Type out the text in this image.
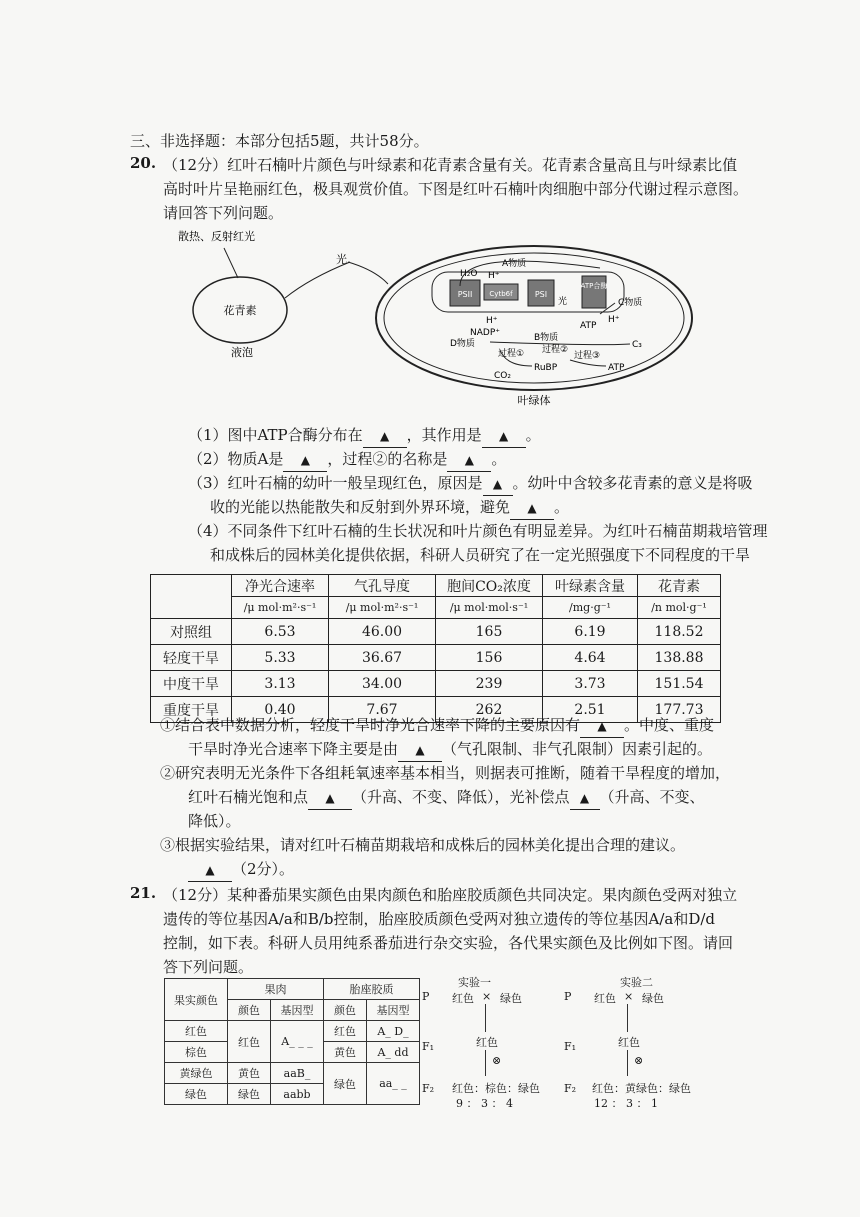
三、非选择题：本部分包括5题，共计58分。
20. （12分）红叶石楠叶片颜色与叶绿素和花青素含量有关。花青素含量高且与叶绿素比值
高时叶片呈艳丽红色，极具观赏价值。下图是红叶石楠叶肉细胞中部分代谢过程示意图。
请回答下列问题。
花青素
液泡
散热、反射红光
光
叶绿体
PSII Cytb6f	PSI
ATP合酶
H₂O H⁺
A物质
光
H⁺
NADP⁺	B物质
C物质
H⁺
ATP
D物质
过程②
过程①	过程③
C₃
CO₂
RuBP	ATP
（1）图中ATP合酶分布在 ▲ ，其作用是 ▲ 。
（2）物质A是 ▲ ，过程②的名称是 ▲ 。
（3）红叶石楠的幼叶一般呈现红色，原因是 ▲ 。幼叶中含较多花青素的意义是将吸
收的光能以热能散失和反射到外界环境，避免 ▲ 。
（4）不同条件下红叶石楠的生长状况和叶片颜色有明显差异。为红叶石楠苗期栽培管理
和成株后的园林美化提供依据，科研人员研究了在一定光照强度下不同程度的干旱
	净光合速率	气孔导度	胞间CO₂浓度	叶绿素含量	花青素
	/μ mol·m²·s⁻¹	/μ mol·m²·s⁻¹	/μ mol·mol·s⁻¹	/mg·g⁻¹	/n mol·g⁻¹
对照组	6.53	46.00	165	6.19	118.52
轻度干旱	5.33	36.67	156	4.64	138.88
中度干旱	3.13	34.00	239	3.73	151.54
重度干旱	0.40	7.67	262	2.51	177.73
①结合表中数据分析，轻度干旱时净光合速率下降的主要原因有 ▲ 。中度、重度
干旱时净光合速率下降主要是由 ▲ （气孔限制、非气孔限制）因素引起的。
②研究表明无光条件下各组耗氧速率基本相当，则据表可推断，随着干旱程度的增加，
红叶石楠光饱和点 ▲ （升高、不变、降低），光补偿点 ▲ （升高、不变、
降低）。
③根据实验结果，请对红叶石楠苗期栽培和成株后的园林美化提出合理的建议。
▲ （2分）。
21. （12分）某种番茄果实颜色由果肉颜色和胎座胶质颜色共同决定。果肉颜色受两对独立
遗传的等位基因A/a和B/b控制，胎座胶质颜色受两对独立遗传的等位基因A/a和D/d
控制，如下表。科研人员用纯系番茄进行杂交实验，各代果实颜色及比例如下图。请回
答下列问题。
果实颜色	果肉		胎座胶质	
	颜色	基因型	颜色	基因型
红色	红色	A_ _ _	红色	A_ D_
棕色			黄色	A_ dd
黄绿色	黄色	aaB_	绿色	aa_ _
绿色	绿色	aabb		
实验一
P 红色 × 绿色
F₁	红色
⊗
F₂ 红色：棕色：绿色
9 ： 3 ： 4
实验二
P 红色 × 绿色
F₁	红色
⊗
F₂ 红色：黄绿色：绿色
12 ： 3 ： 1
